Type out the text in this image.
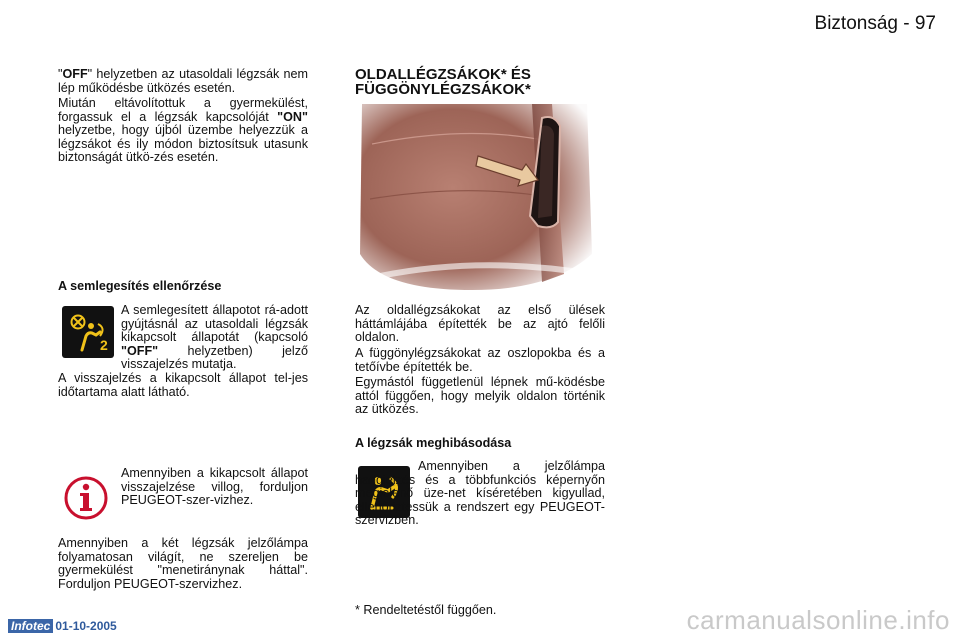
Biztonság - 97

"OFF" helyzetben az utasoldali légzsák nem lép működésbe ütközés esetén.

Miután eltávolítottuk a gyermekülést, forgassuk el a légzsák kapcsolóját "ON" helyzetbe, hogy újból üzembe helyezzük a légzsákot és ily módon biztosítsuk utasunk biztonságát ütkö-zés esetén.

A semlegesítés ellenőrzése
2

A semlegesített állapotot rá-adott gyújtásnál az utasoldali légzsák kikapcsolt állapotát (kapcsoló "OFF" helyzetben) jelző visszajelzés mutatja.

A visszajelzés a kikapcsolt állapot tel-jes időtartama alatt látható.
Amennyiben a kikapcsolt állapot visszajelzése villog, forduljon PEUGEOT-szer-vizhez.
Amennyiben a két légzsák jelzőlámpa folyamatosan világít, ne szereljen be gyermekülést "menetiránynak háttal". Forduljon PEUGEOT-szervizhez.
OLDALLÉGZSÁKOK* ÉS
FÜGGÖNYLÉGZSÁKOK*
Az oldallégzsákokat az első ülések háttámlájába építették be az ajtó felőli oldalon.
A függönylégzsákokat az oszlopokba és a tetőívbe építették be.
Egymástól függetlenül lépnek mű-ködésbe attól függően, hogy melyik oldalon történik az ütközés.
A légzsák meghibásodása

Amennyiben a jelzőlámpa hangjelzés és a többfunkciós képernyőn megjelenő üze-net kíséretében kigyullad, ellenőriztessük a rendszert egy PEUGEOT-szervizben.

* Rendeltetéstől függően.
Infotec 01-10-2005	carmanualsonline.info
